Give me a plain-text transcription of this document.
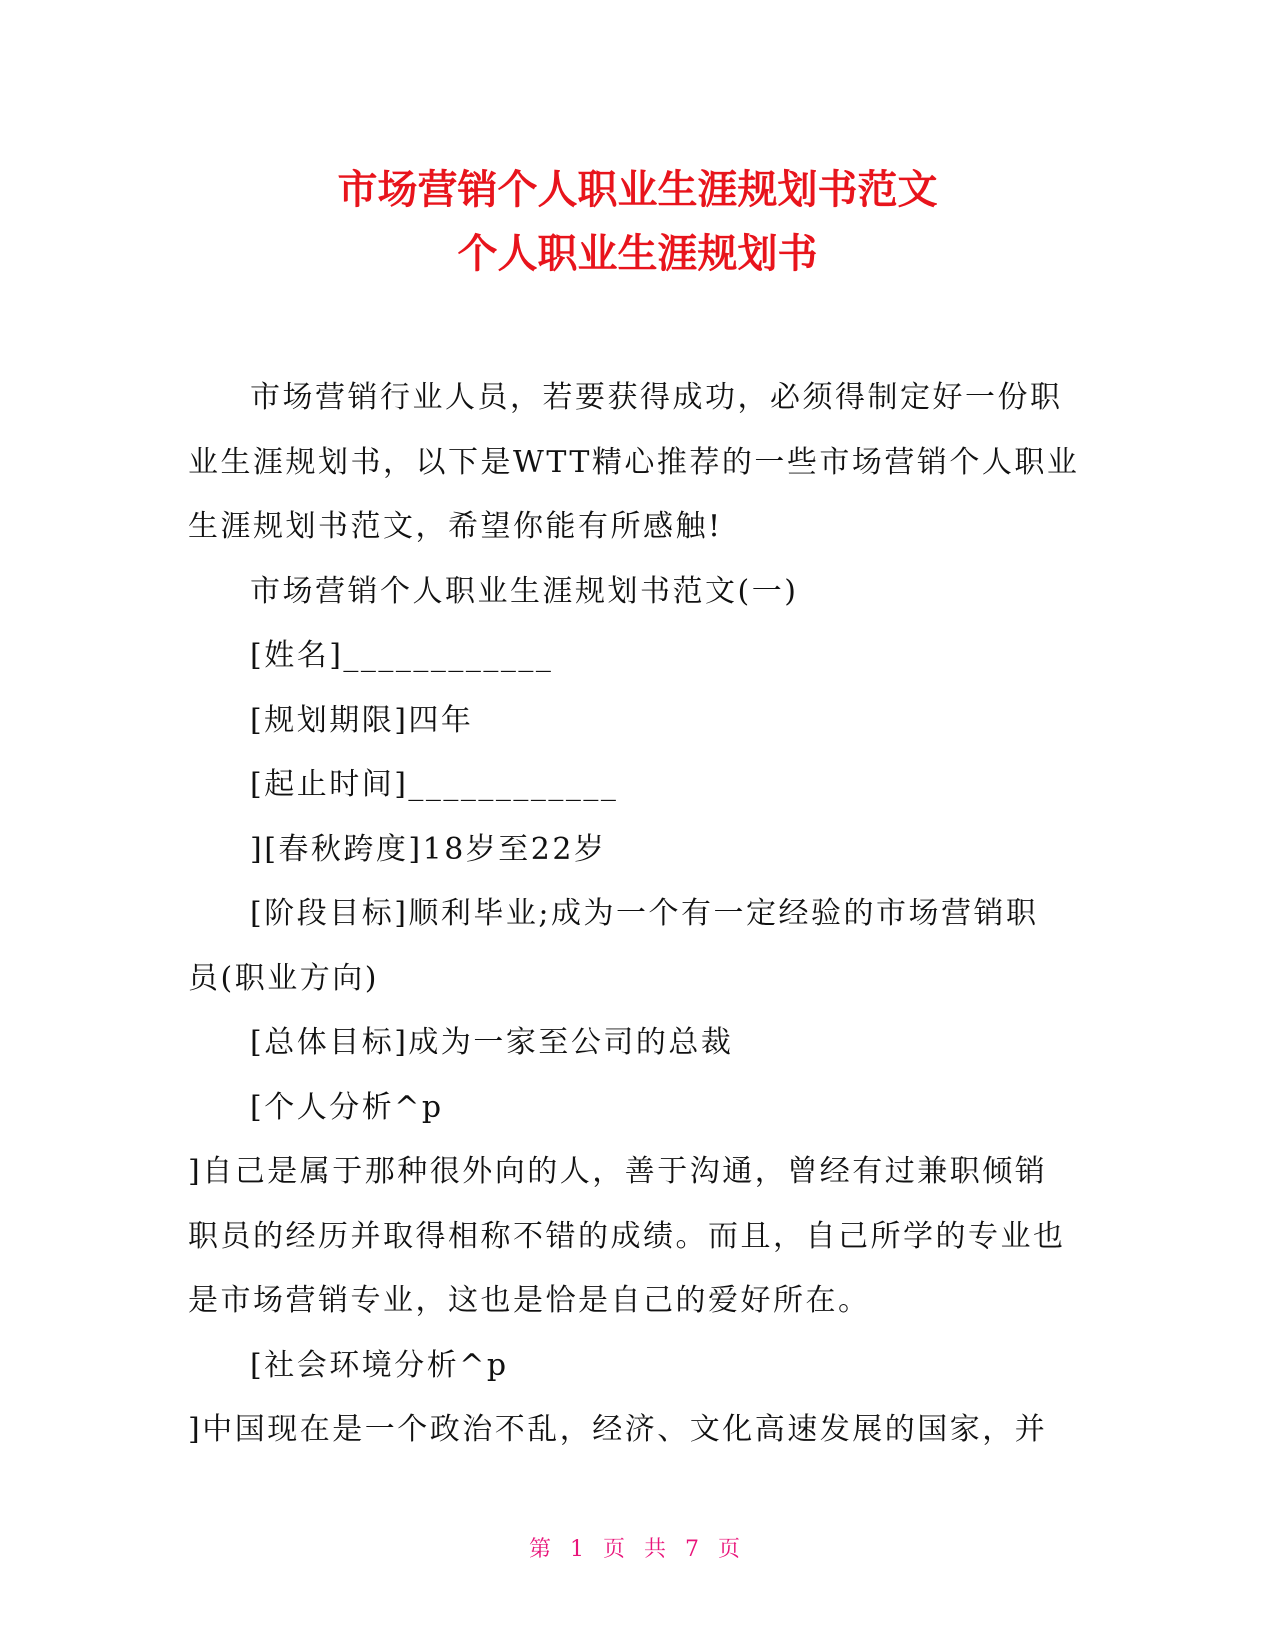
市场营销个人职业生涯规划书范文

个人职业生涯规划书

市场营销行业人员，若要获得成功，必须得制定好一份职

业生涯规划书，以下是WTT精心推荐的一些市场营销个人职业

生涯规划书范文，希望你能有所感触!

市场营销个人职业生涯规划书范文(一)

[姓名]____________

[规划期限]四年

[起止时间]____________

][春秋跨度]18岁至22岁

[阶段目标]顺利毕业;成为一个有一定经验的市场营销职

员(职业方向)

[总体目标]成为一家至公司的总裁

[个人分析^p

]自己是属于那种很外向的人，善于沟通，曾经有过兼职倾销

职员的经历并取得相称不错的成绩。而且，自己所学的专业也

是市场营销专业，这也是恰是自己的爱好所在。

[社会环境分析^p

]中国现在是一个政治不乱，经济、文化高速发展的国家，并

第 1 页 共 7 页
